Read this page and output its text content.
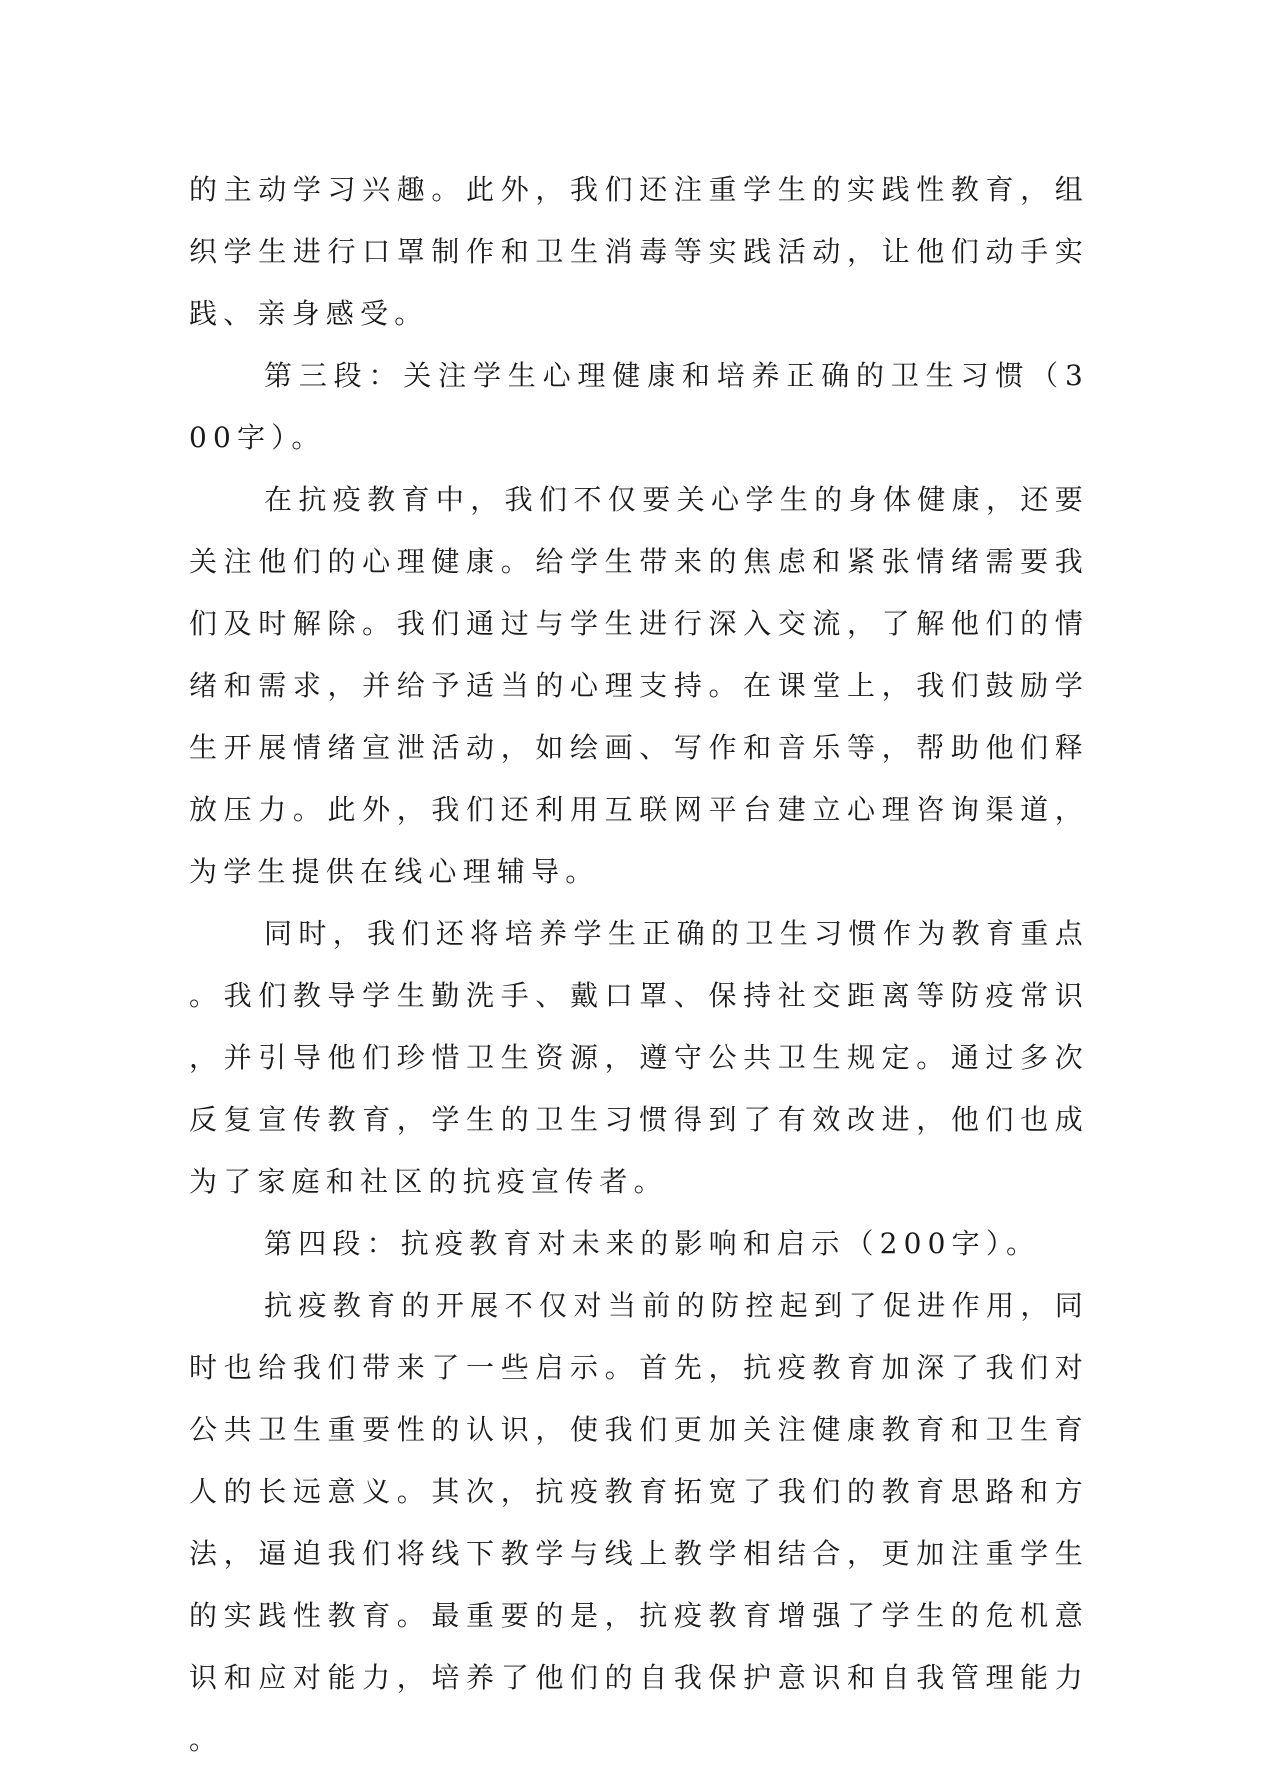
的主动学习兴趣。此外，我们还注重学生的实践性教育，组织学生进行口罩制作和卫生消毒等实践活动，让他们动手实践、亲身感受。

第三段：关注学生心理健康和培养正确的卫生习惯（300字）。

在抗疫教育中，我们不仅要关心学生的身体健康，还要关注他们的心理健康。给学生带来的焦虑和紧张情绪需要我们及时解除。我们通过与学生进行深入交流，了解他们的情绪和需求，并给予适当的心理支持。在课堂上，我们鼓励学生开展情绪宣泄活动，如绘画、写作和音乐等，帮助他们释放压力。此外，我们还利用互联网平台建立心理咨询渠道，为学生提供在线心理辅导。

同时，我们还将培养学生正确的卫生习惯作为教育重点。我们教导学生勤洗手、戴口罩、保持社交距离等防疫常识，并引导他们珍惜卫生资源，遵守公共卫生规定。通过多次反复宣传教育，学生的卫生习惯得到了有效改进，他们也成为了家庭和社区的抗疫宣传者。

第四段：抗疫教育对未来的影响和启示（200字）。

抗疫教育的开展不仅对当前的防控起到了促进作用，同时也给我们带来了一些启示。首先，抗疫教育加深了我们对公共卫生重要性的认识，使我们更加关注健康教育和卫生育人的长远意义。其次，抗疫教育拓宽了我们的教育思路和方法，逼迫我们将线下教学与线上教学相结合，更加注重学生的实践性教育。最重要的是，抗疫教育增强了学生的危机意识和应对能力，培养了他们的自我保护意识和自我管理能力。
